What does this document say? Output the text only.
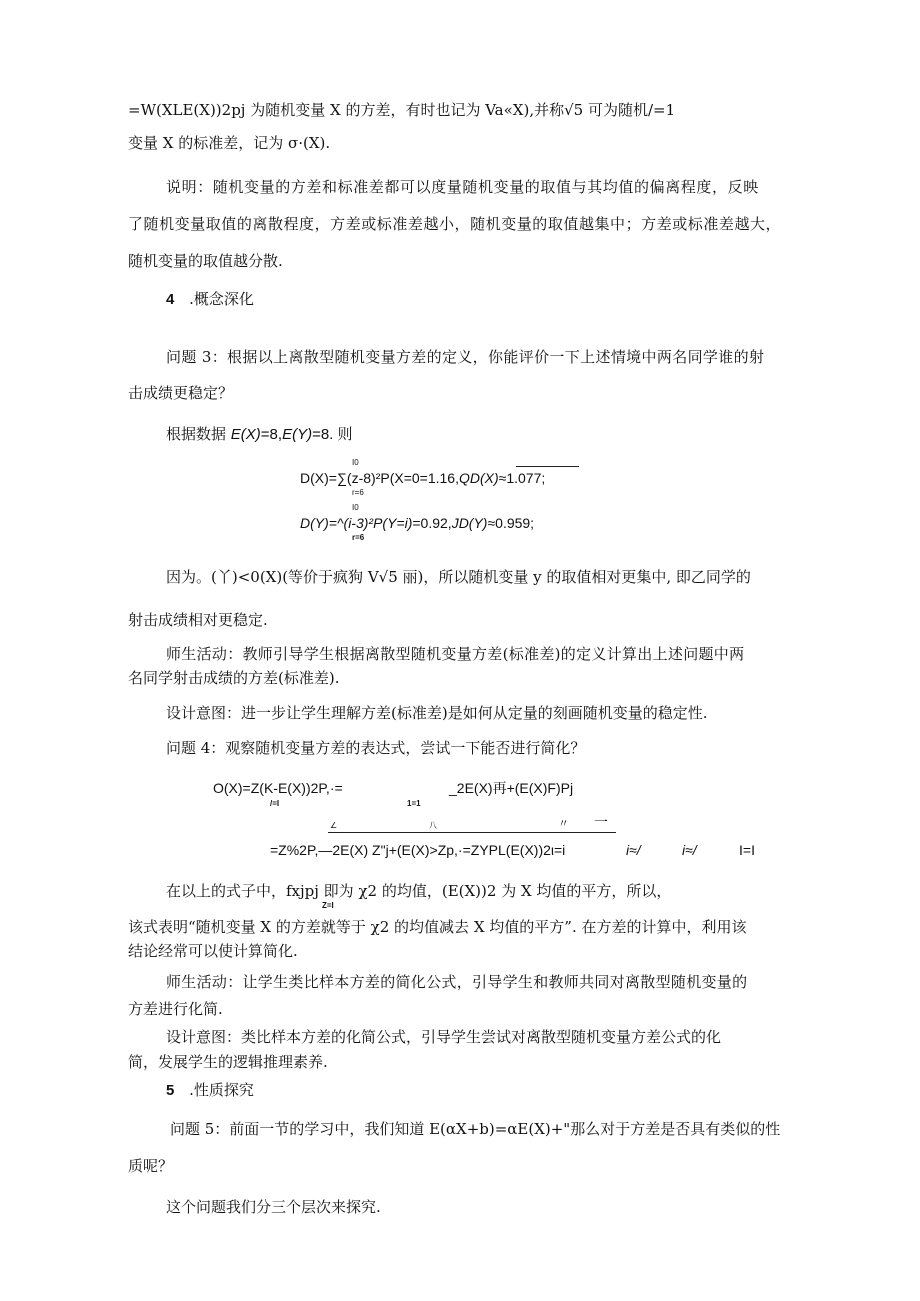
=W(XLE(X))2pj 为随机变量 X 的方差，有时也记为 Va«X),并称√5 可为随机/=1
变量 X 的标准差，记为 σ·(X).
说明：随机变量的方差和标准差都可以度量随机变量的取值与其均值的偏离程度，反映
了随机变量取值的离散程度，方差或标准差越小，随机变量的取值越集中；方差或标准差越大，
随机变量的取值越分散.
4 .概念深化
问题 3：根据以上离散型随机变量方差的定义，你能评价一下上述情境中两名同学谁的射
击成绩更稳定？
根据数据 E(X)=8,E(Y)=8. 则
I0
D(X)=∑(z-8)²P(X=0=1.16,QD(X)≈1.077;
r=6
I0
D(Y)=^(i-3)²P(Y=i)=0.92,JD(Y)≈0.959;
r=6
因为。(丫)<0(X)(等价于疯狗 V√5 丽)，所以随机变量 y 的取值相对更集中, 即乙同学的
射击成绩相对更稳定.
师生活动：教师引导学生根据离散型随机变量方差(标准差)的定义计算出上述问题中两
名同学射击成绩的方差(标准差).
设计意图：进一步让学生理解方差(标准差)是如何从定量的刻画随机变量的稳定性.
问题 4：观察随机变量方差的表达式，尝试一下能否进行简化？
O(X)=Z(K-E(X))2P,·=	_2E(X)再+(E(X)F)Pj
/=I	1=1
∠	八	〃 一
=Z%2P,—2E(X) Z"j+(E(X)>Zp,·=ZYPL(E(X))2ι=i	i≈/	i≈/	I=I
在以上的式子中，fxjpj 即为 χ2 的均值，(E(X))2 为 X 均值的平方，所以，
Z=I
该式表明“随机变量 X 的方差就等于 χ2 的均值减去 X 均值的平方”. 在方差的计算中，利用该
结论经常可以使计算简化.
师生活动：让学生类比样本方差的简化公式，引导学生和教师共同对离散型随机变量的
方差进行化简.
设计意图：类比样本方差的化简公式，引导学生尝试对离散型随机变量方差公式的化
简，发展学生的逻辑推理素养.
5 .性质探究
问题 5：前面一节的学习中，我们知道 E(αX+b)=αE(X)+"那么对于方差是否具有类似的性
质呢？
这个问题我们分三个层次来探究.
